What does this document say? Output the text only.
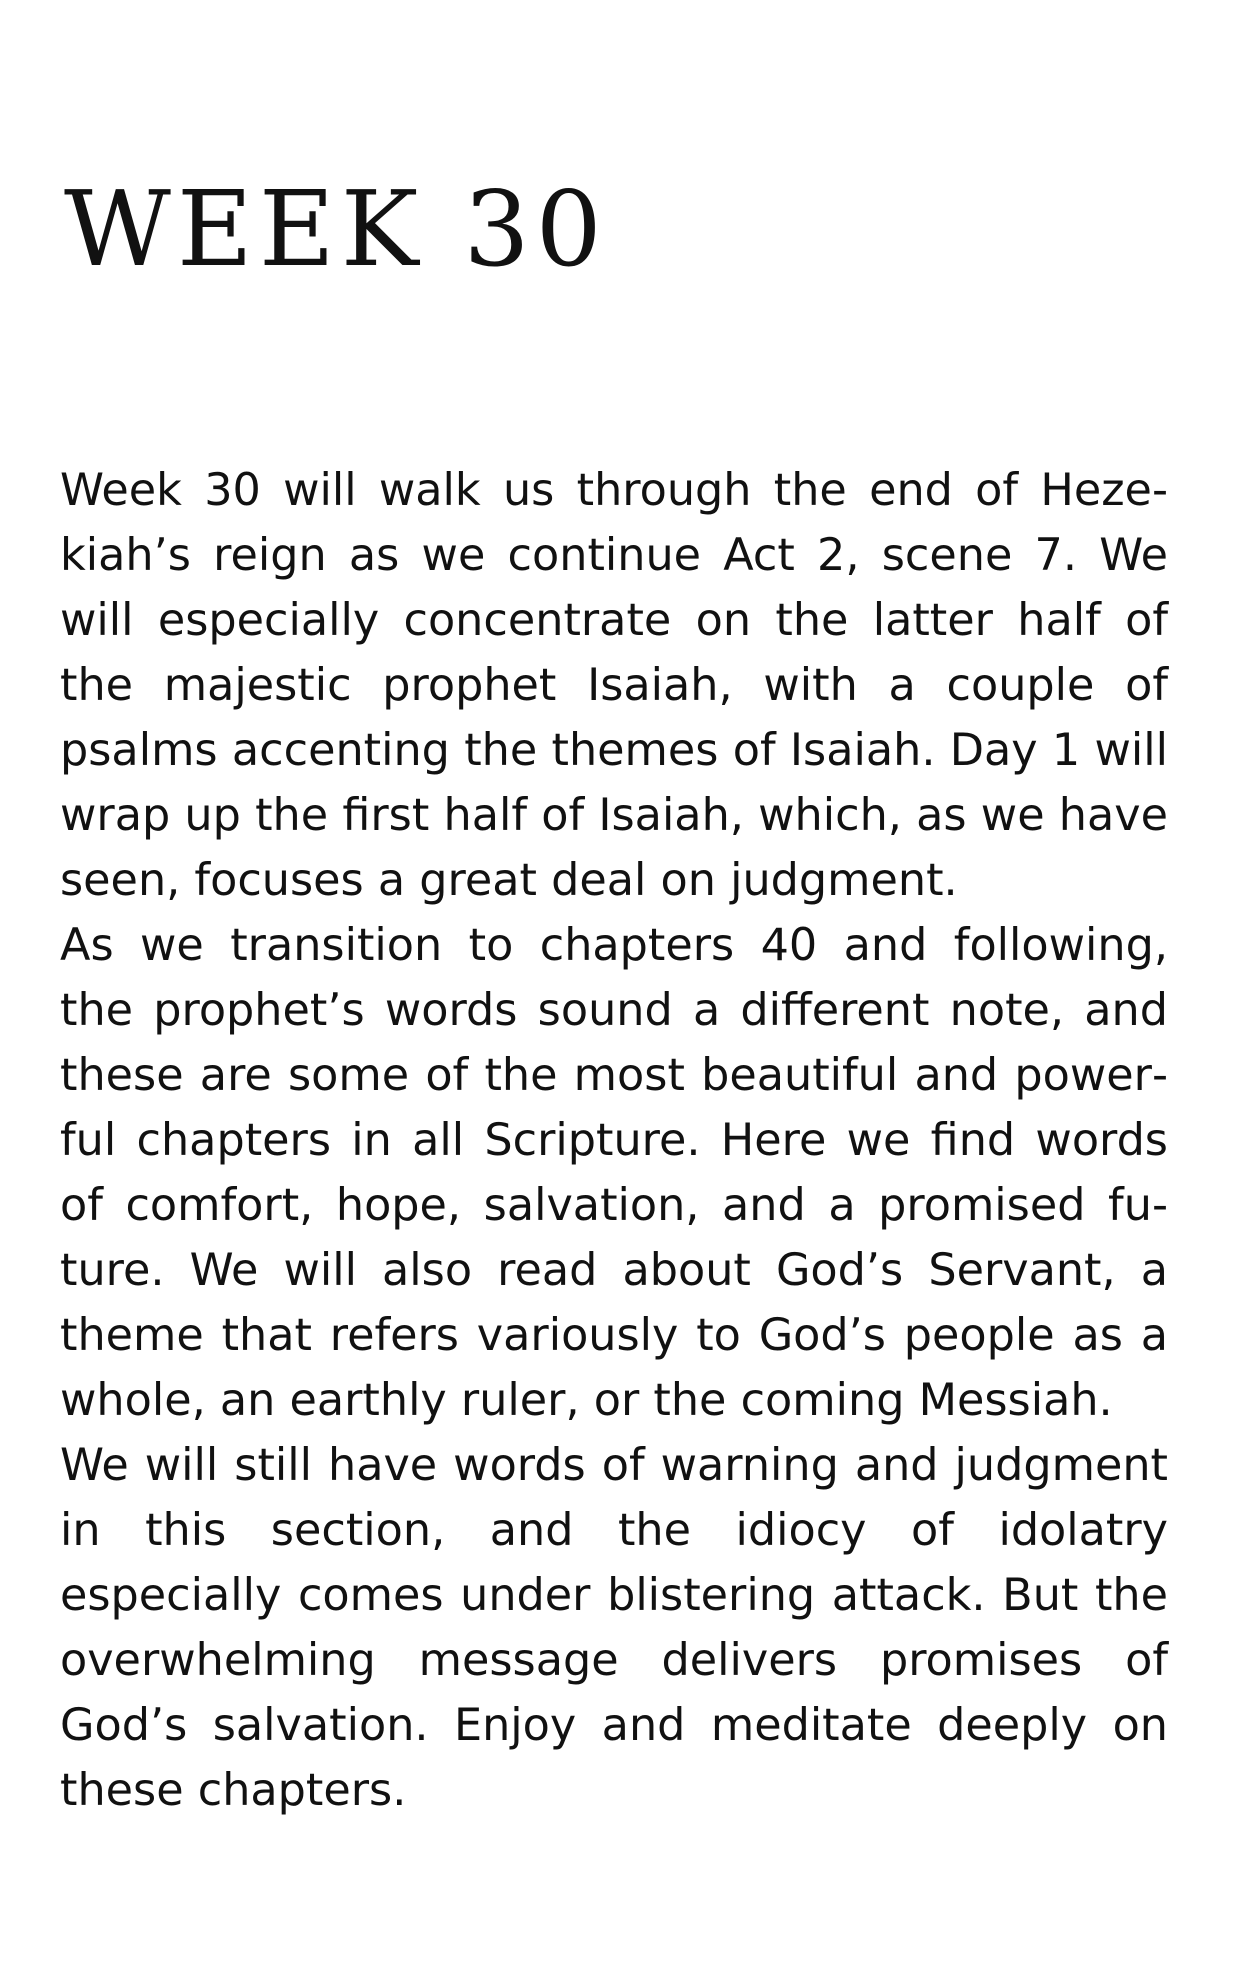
WEEK 30

Week 30 will walk us through the end of Hezekiah’s reign as we continue Act 2, scene 7. We will especially concentrate on the latter half of the majestic prophet Isaiah, with a couple of psalms accenting the themes of Isaiah. Day 1 will wrap up the first half of Isaiah, which, as we have seen, focuses a great deal on judgment.

As we transition to chapters 40 and following, the prophet’s words sound a different note, and these are some of the most beautiful and powerful chapters in all Scripture. Here we find words of comfort, hope, salvation, and a promised future. We will also read about God’s Servant, a theme that refers variously to God’s people as a whole, an earthly ruler, or the coming Messiah.

We will still have words of warning and judgment in this section, and the idiocy of idolatry especially comes under blistering attack. But the overwhelming message delivers promises of God’s salvation. Enjoy and meditate deeply on these chapters.
